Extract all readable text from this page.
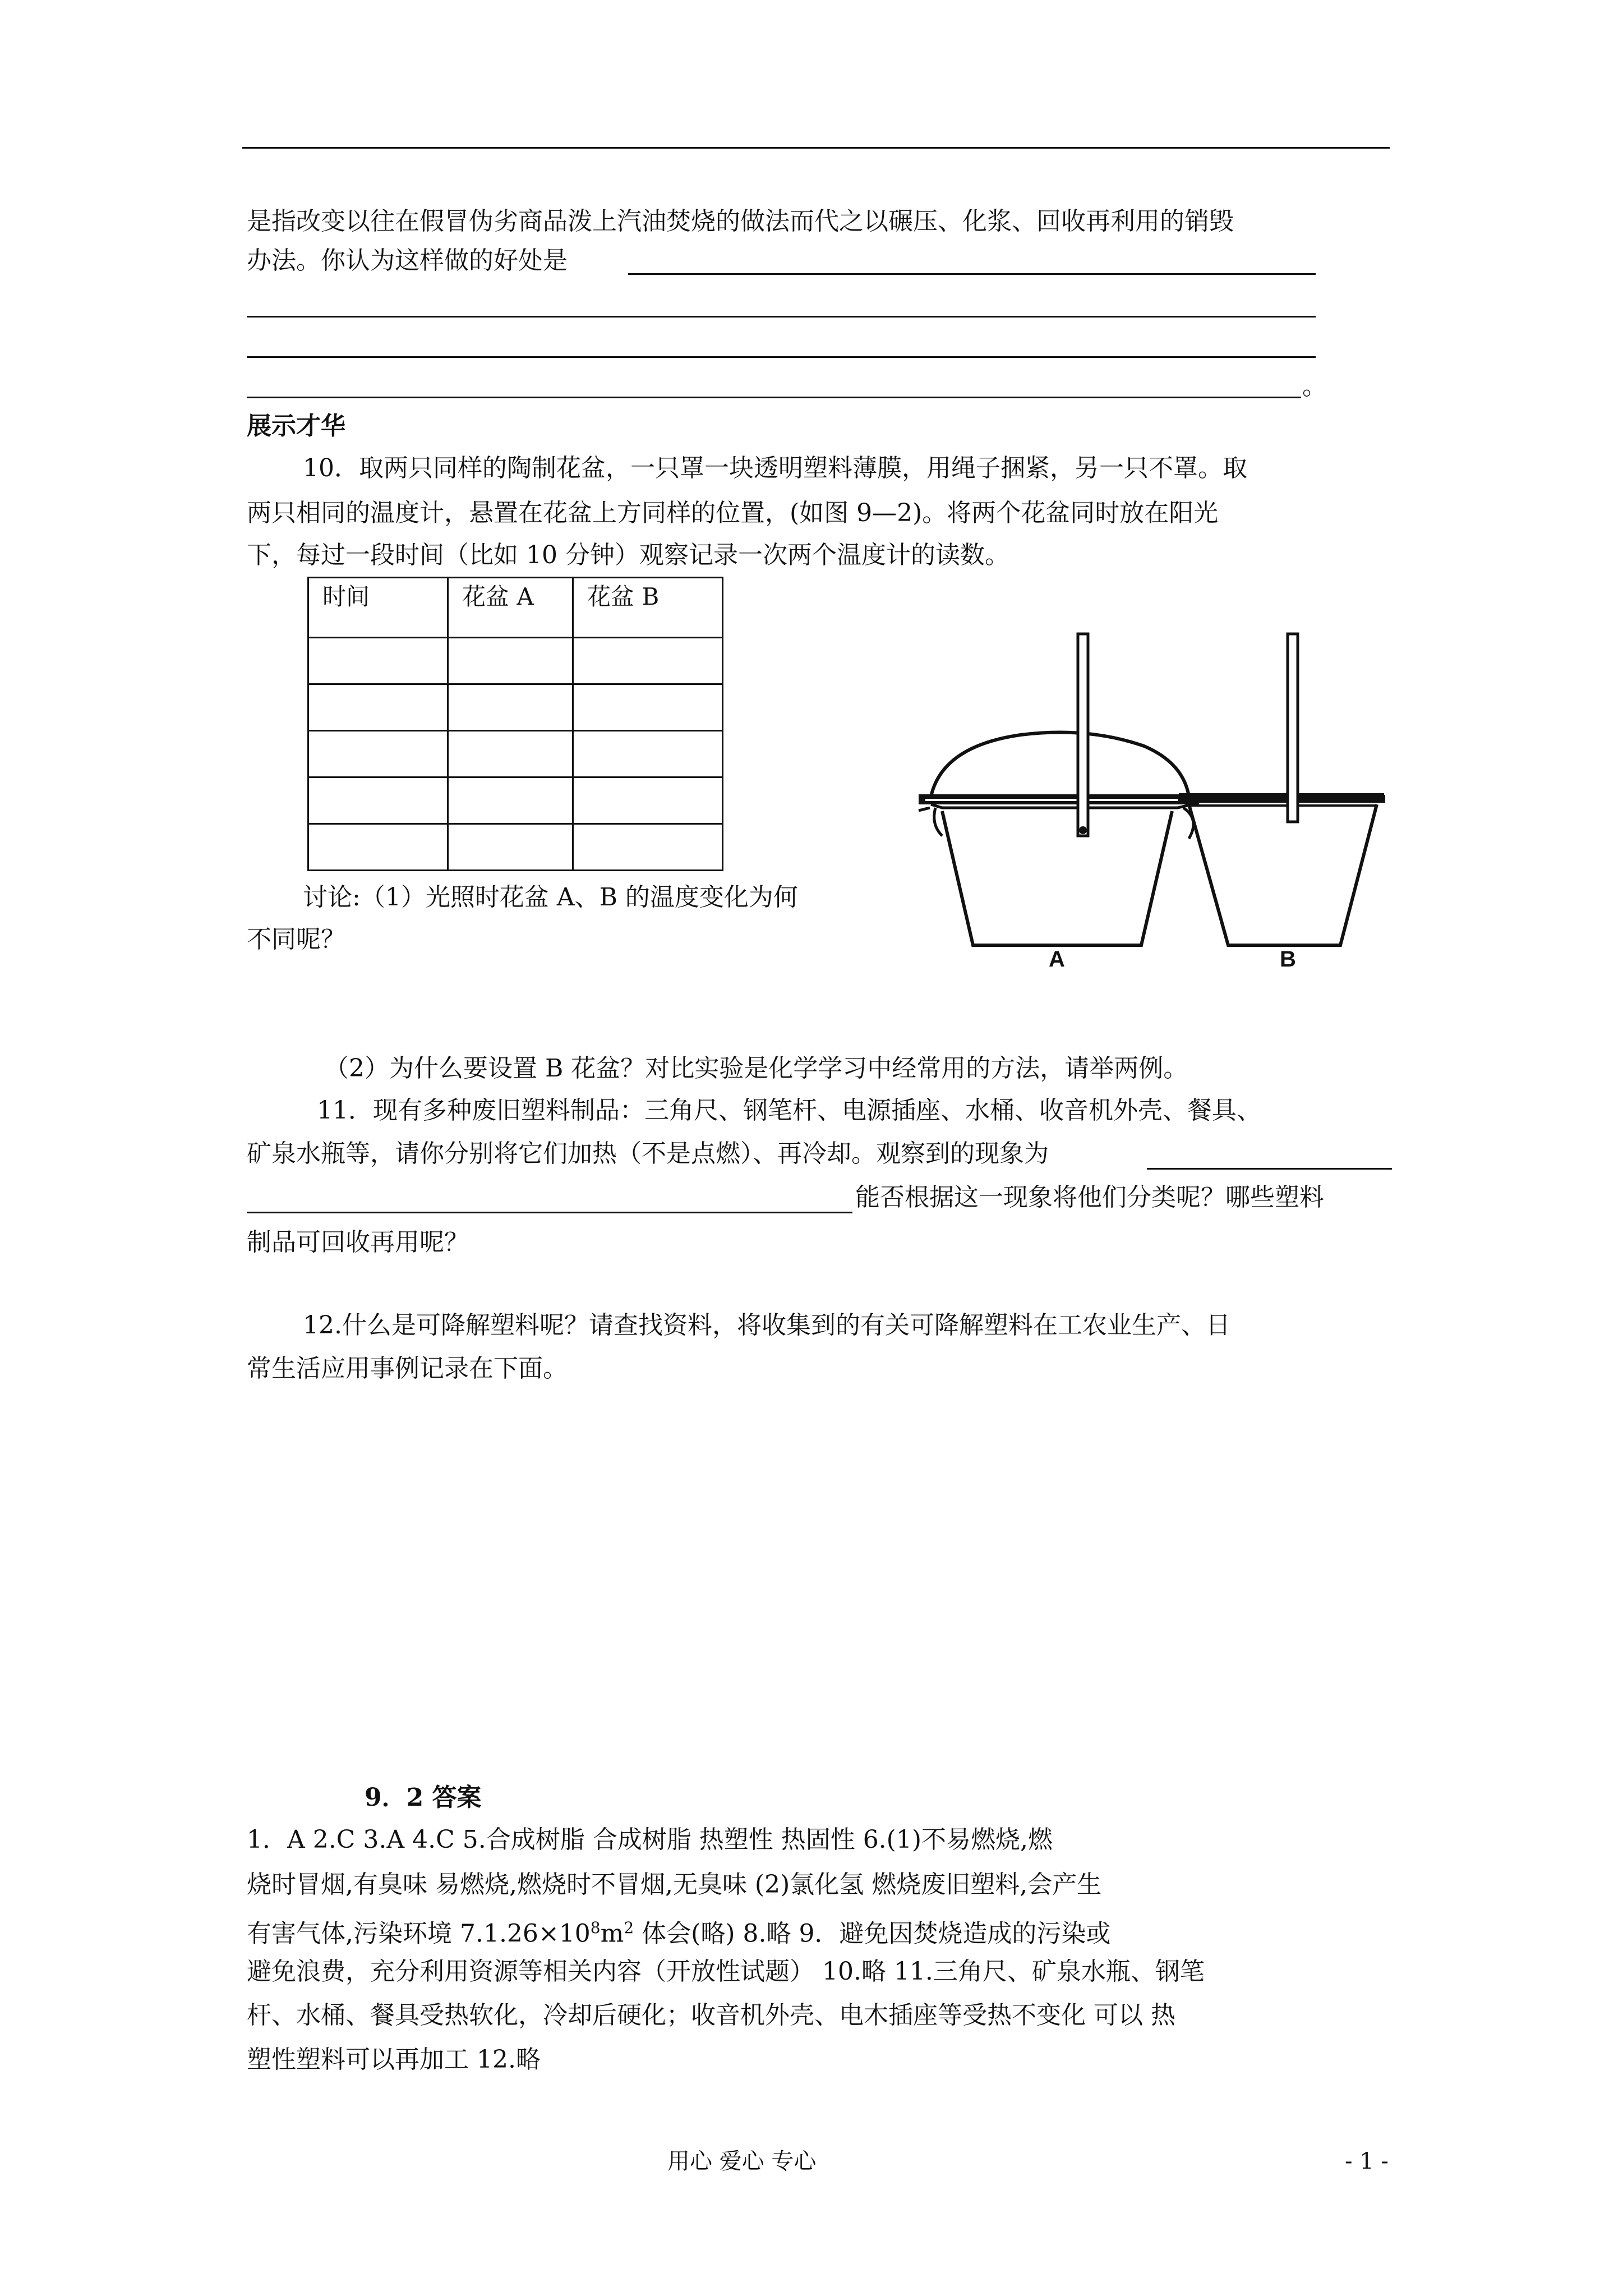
是指改变以往在假冒伪劣商品泼上汽油焚烧的做法而代之以碾压、化浆、回收再利用的销毁
办法。你认为这样做的好处是
。
展示才华
10．取两只同样的陶制花盆，一只罩一块透明塑料薄膜，用绳子捆紧，另一只不罩。取
两只相同的温度计，悬置在花盆上方同样的位置，(如图 9—2)。将两个花盆同时放在阳光
下，每过一段时间（比如 10 分钟）观察记录一次两个温度计的读数。
时间	花盆 A	花盆 B

A	B
讨论:（1）光照时花盆 A、B 的温度变化为何
不同呢？
（2）为什么要设置 B 花盆？对比实验是化学学习中经常用的方法，请举两例。
11．现有多种废旧塑料制品：三角尺、钢笔杆、电源插座、水桶、收音机外壳、餐具、
矿泉水瓶等，请你分别将它们加热（不是点燃）、再冷却。观察到的现象为
能否根据这一现象将他们分类呢？哪些塑料
制品可回收再用呢？
12.什么是可降解塑料呢？请查找资料，将收集到的有关可降解塑料在工农业生产、日
常生活应用事例记录在下面。
9．2 答案
1．A 2.C 3.A 4.C 5.合成树脂 合成树脂 热塑性 热固性 6.(1)不易燃烧,燃
烧时冒烟,有臭味 易燃烧,燃烧时不冒烟,无臭味 (2)氯化氢 燃烧废旧塑料,会产生
有害气体,污染环境 $7.1.26\times 10^8m^2$ 体会(略) 8.略 9．避免因焚烧造成的污染或
避免浪费，充分利用资源等相关内容（开放性试题） 10.略 11.三角尺、矿泉水瓶、钢笔
杆、水桶、餐具受热软化，冷却后硬化；收音机外壳、电木插座等受热不变化 可以 热
塑性塑料可以再加工 12.略
用心 爱心 专心	- 1 -
